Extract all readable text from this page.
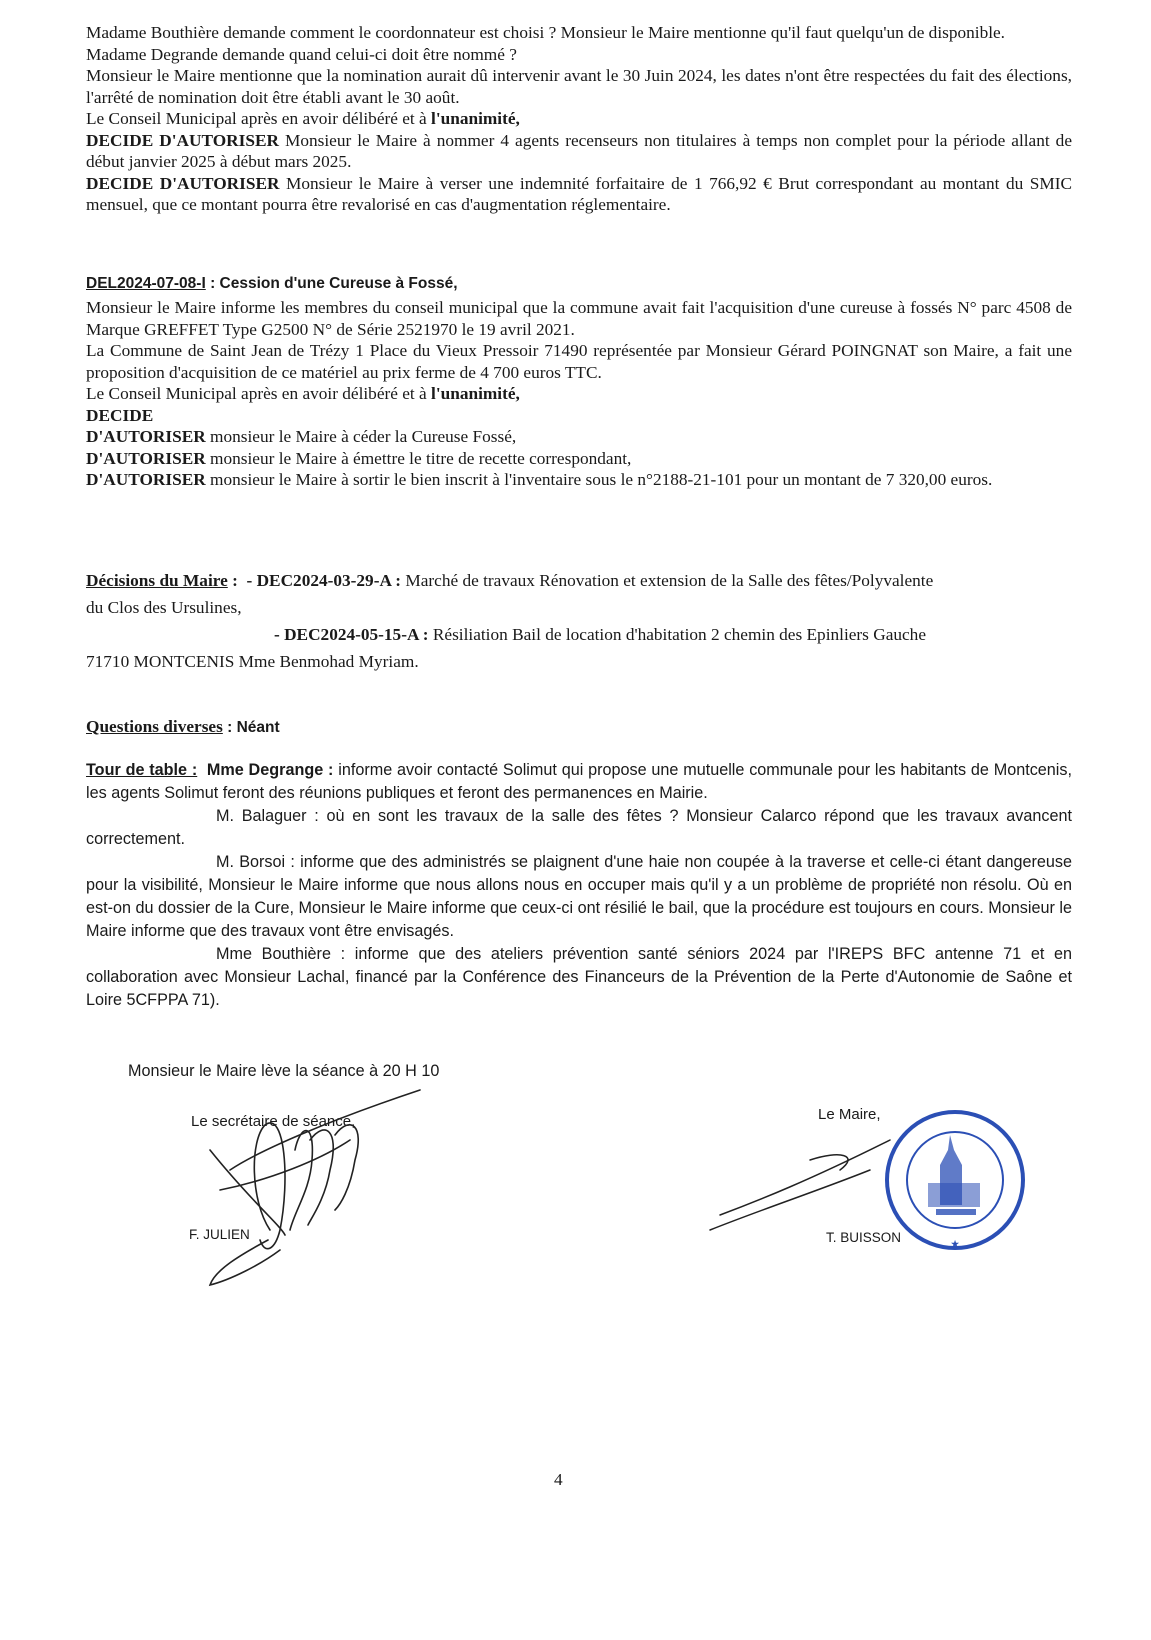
Madame Bouthière demande comment le coordonnateur est choisi ? Monsieur le Maire mentionne qu'il faut quelqu'un de disponible.
Madame Degrande demande quand celui-ci doit être nommé ?
Monsieur le Maire mentionne que la nomination aurait dû intervenir avant le 30 Juin 2024, les dates n'ont être respectées du fait des élections, l'arrêté de nomination doit être établi avant le 30 août.
Le Conseil Municipal après en avoir délibéré et à l'unanimité,
DECIDE D'AUTORISER Monsieur le Maire à nommer 4 agents recenseurs non titulaires à temps non complet pour la période allant de début janvier 2025 à début mars 2025.
DECIDE D'AUTORISER Monsieur le Maire à verser une indemnité forfaitaire de 1 766,92 € Brut correspondant au montant du SMIC mensuel, que ce montant pourra être revalorisé en cas d'augmentation réglementaire.
DEL2024-07-08-I : Cession d'une Cureuse à Fossé,
Monsieur le Maire informe les membres du conseil municipal que la commune avait fait l'acquisition d'une cureuse à fossés N° parc 4508 de Marque GREFFET Type G2500 N° de Série 2521970 le 19 avril 2021.
La Commune de Saint Jean de Trézy 1 Place du Vieux Pressoir 71490 représentée par Monsieur Gérard POINGNAT son Maire, a fait une proposition d'acquisition de ce matériel au prix ferme de 4 700 euros TTC.
Le Conseil Municipal après en avoir délibéré et à l'unanimité,
DECIDE
D'AUTORISER monsieur le Maire à céder la Cureuse Fossé,
D'AUTORISER monsieur le Maire à émettre le titre de recette correspondant,
D'AUTORISER monsieur le Maire à sortir le bien inscrit à l'inventaire sous le n°2188-21-101 pour un montant de 7 320,00 euros.
Décisions du Maire : - DEC2024-03-29-A : Marché de travaux Rénovation et extension de la Salle des fêtes/Polyvalente
du Clos des Ursulines,
- DEC2024-05-15-A : Résiliation Bail de location d'habitation 2 chemin des Epinliers Gauche
71710 MONTCENIS Mme Benmohad Myriam.
Questions diverses : Néant
Tour de table : Mme Degrange : informe avoir contacté Solimut qui propose une mutuelle communale pour les habitants de Montcenis, les agents Solimut feront des réunions publiques et feront des permanences en Mairie.
M. Balaguer : où en sont les travaux de la salle des fêtes ? Monsieur Calarco répond que les travaux avancent correctement.
M. Borsoi : informe que des administrés se plaignent d'une haie non coupée à la traverse et celle-ci étant dangereuse pour la visibilité, Monsieur le Maire informe que nous allons nous en occuper mais qu'il y a un problème de propriété non résolu. Où en est-on du dossier de la Cure, Monsieur le Maire informe que ceux-ci ont résilié le bail, que la procédure est toujours en cours. Monsieur le Maire informe que des travaux vont être envisagés.
Mme Bouthière : informe que des ateliers prévention santé séniors 2024 par l'IREPS BFC antenne 71 et en collaboration avec Monsieur Lachal, financé par la Conférence des Financeurs de la Prévention de la Perte d'Autonomie de Saône et Loire 5CFPPA 71).
Monsieur le Maire lève la séance à 20 H 10
Le secrétaire de séance,
F. JULIEN
Le Maire,
T. BUISSON	★
4
